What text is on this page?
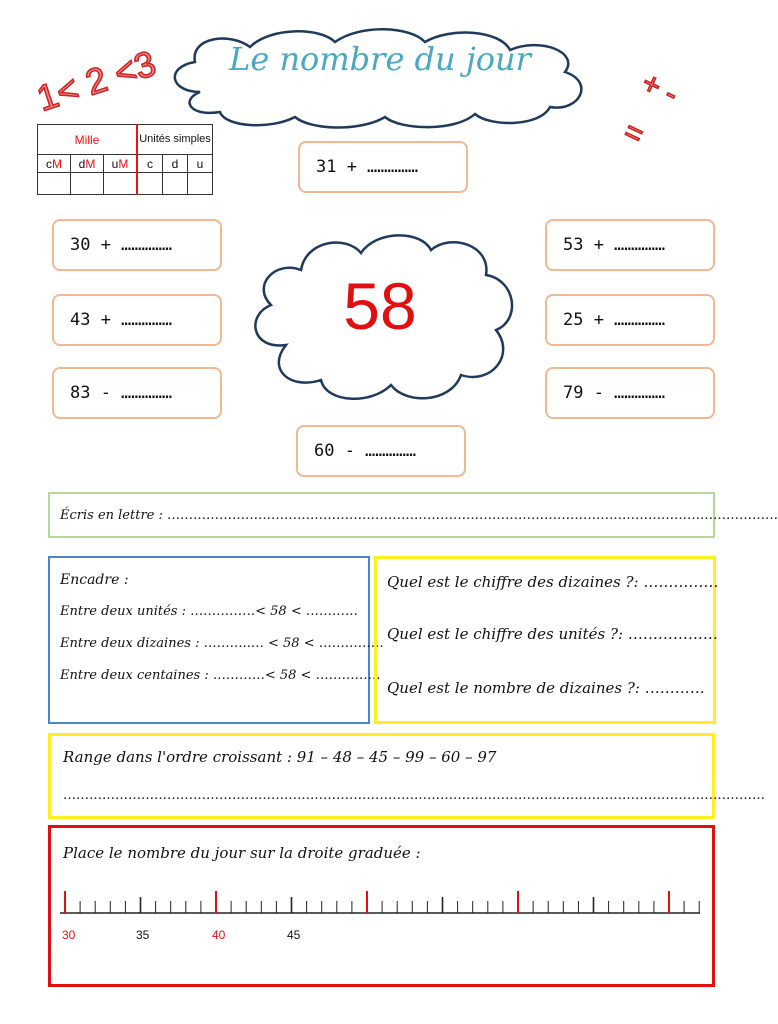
1< 2 <3	Le nombre du jour
+ -
=
Mille			Unités simples		
cM	dM	uM	c	d	u
						31
+ ……………
30
+ ……………
43
+ ……………
83
- ……………
53
+ ……………
25
+ ……………
79
- ……………
60
- ……………
58
Écris en lettre : ……………………………………………………………………………………………………………………………
Encadre :
Entre deux unités : ……………< 58 < …………
Entre deux dizaines : ………..… < 58 < ……………
Entre deux centaines : …………< 58 < ……………
Quel est le chiffre des dizaines ?: ……………
Quel est le chiffre des unités ?: ………………
Quel est le nombre de dizaines ?: …………
Range dans l'ordre croissant : 91 – 48 – 45 – 99 – 60 – 97
………………………………………………………………………………………………………………………………………………
Place le nombre du jour sur la droite graduée :
30	35	40	45
